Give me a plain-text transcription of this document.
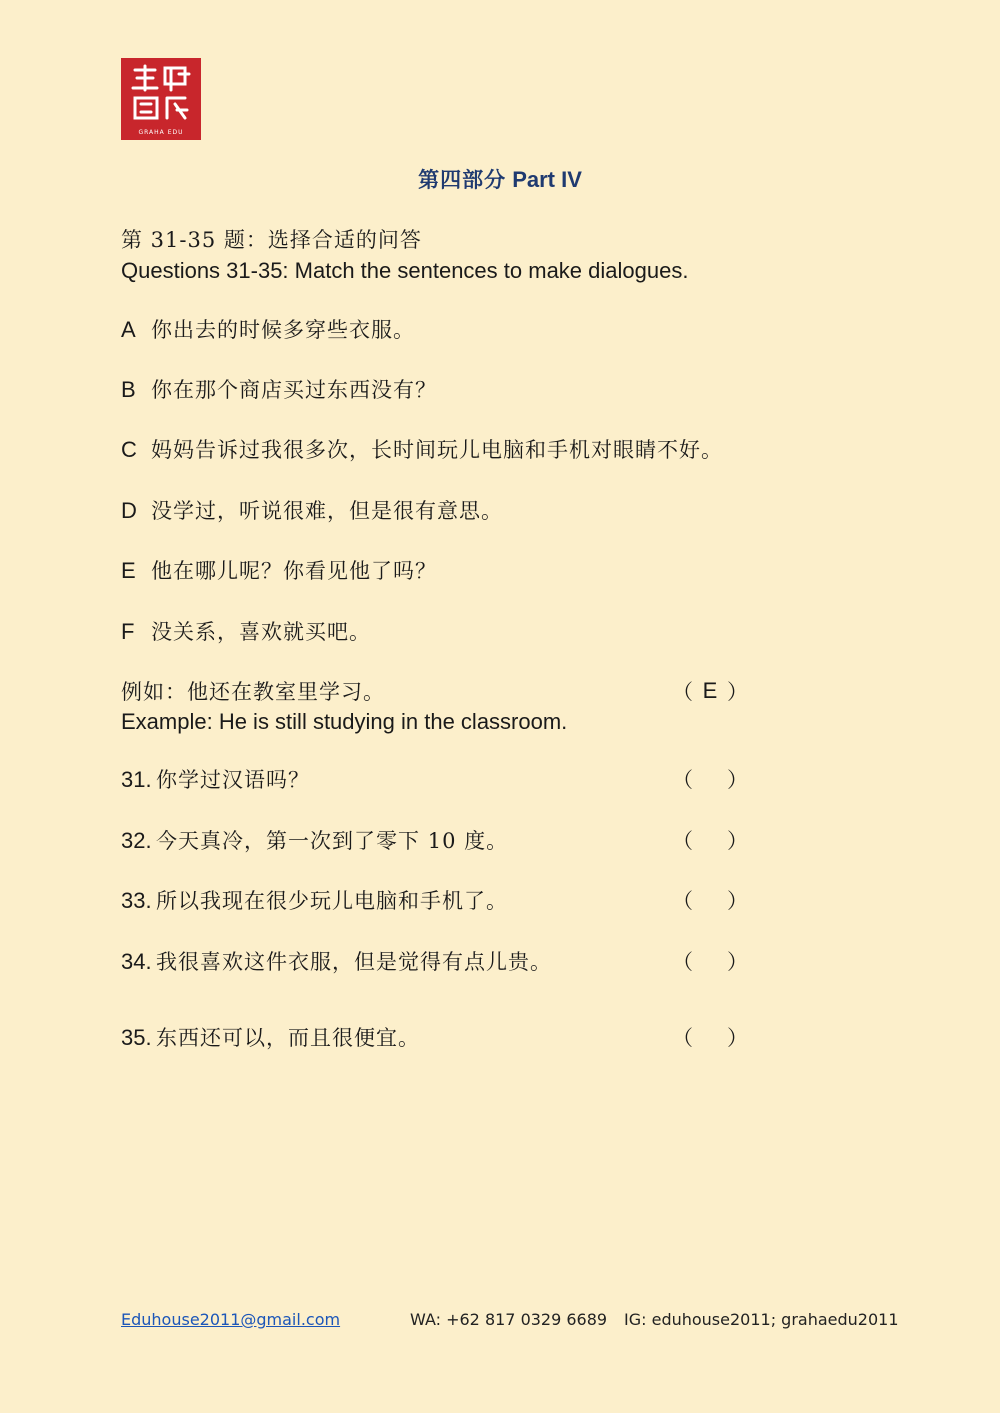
GRAHA EDU
第四部分 Part IV
第 31-35 题：选择合适的问答
Questions 31-35: Match the sentences to make dialogues.
A 你出去的时候多穿些衣服。
B 你在那个商店买过东西没有？
C 妈妈告诉过我很多次，长时间玩儿电脑和手机对眼睛不好。
D 没学过，听说很难，但是很有意思。
E 他在哪儿呢？你看见他了吗？
F 没关系，喜欢就买吧。
例如：他还在教室里学习。	（ E ）
Example: He is still studying in the classroom.
31. 你学过汉语吗？	（ ）
32. 今天真冷，第一次到了零下 10 度。	（ ）
33. 所以我现在很少玩儿电脑和手机了。	（ ）
34. 我很喜欢这件衣服，但是觉得有点儿贵。	（ ）
35. 东西还可以，而且很便宜。	（ ）
Eduhouse2011@gmail.com	WA: +62 817 0329 6689 IG: eduhouse2011; grahaedu2011
